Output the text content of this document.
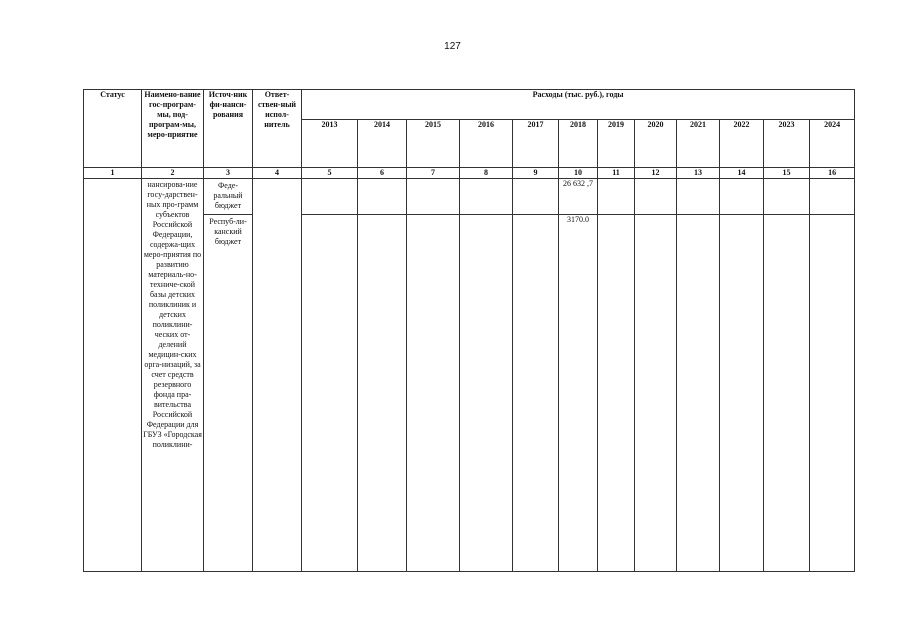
127
Статус	Наимено-вание гос-програм-мы, под-програм-мы, меро-приятие	Источ-ник фи-нанси-рования	Ответ-ствен-ный испол-нитель	Расходы (тыс. руб.), годы											
				2013	2014	2015	2016	2017	2018	2019	2020	2021	2022	2023	2024
1	2	3	4	5	6	7	8	9	10	11	12	13	14	15	16
	нансирова-ние госу-дарствен-ных про-грамм субъектов Российской Федерации, содержа-щих меро-приятия по развитию материаль-но-техниче-ской базы детских поликлиник и детских поликлини-ческих от-делений медицин-ских орга-низаций, за счет средств резервного фонда пра-вительства Российской Федерации для ГБУЗ «Городская поликлини-	Феде-ральный бюджет							26 632 ,7						
		Респуб-ли-канский бюджет							3170.0						
